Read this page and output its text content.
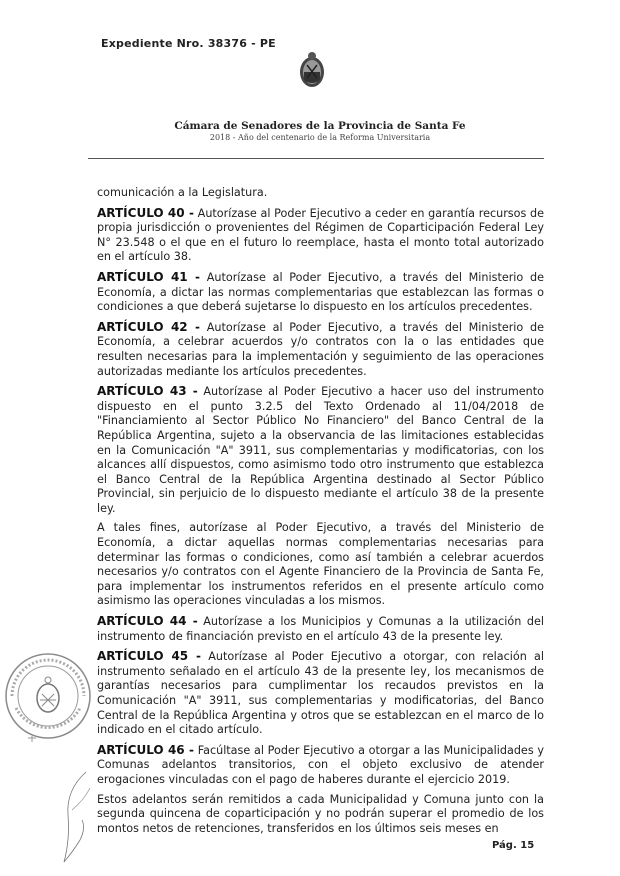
Expediente Nro. 38376 - PE
Cámara de Senadores de la Provincia de Santa Fe
2018 - Año del centenario de la Reforma Universitaria

comunicación a la Legislatura.

ARTÍCULO 40 - Autorízase al Poder Ejecutivo a ceder en garantía recursos de propia jurisdicción o provenientes del Régimen de Coparticipación Federal Ley N° 23.548 o el que en el futuro lo reemplace, hasta el monto total autorizado en el artículo 38.

ARTÍCULO 41 - Autorízase al Poder Ejecutivo, a través del Ministerio de Economía, a dictar las normas complementarias que establezcan las formas o condiciones a que deberá sujetarse lo dispuesto en los artículos precedentes.

ARTÍCULO 42 - Autorízase al Poder Ejecutivo, a través del Ministerio de Economía, a celebrar acuerdos y/o contratos con la o las entidades que resulten necesarias para la implementación y seguimiento de las operaciones autorizadas mediante los artículos precedentes.

ARTÍCULO 43 - Autorízase al Poder Ejecutivo a hacer uso del instrumento dispuesto en el punto 3.2.5 del Texto Ordenado al 11/04/2018 de "Financiamiento al Sector Público No Financiero" del Banco Central de la República Argentina, sujeto a la observancia de las limitaciones establecidas en la Comunicación "A" 3911, sus complementarias y modificatorias, con los alcances allí dispuestos, como asimismo todo otro instrumento que establezca el Banco Central de la República Argentina destinado al Sector Público Provincial, sin perjuicio de lo dispuesto mediante el artículo 38 de la presente ley.

A tales fines, autorízase al Poder Ejecutivo, a través del Ministerio de Economía, a dictar aquellas normas complementarias necesarias para determinar las formas o condiciones, como así también a celebrar acuerdos necesarios y/o contratos con el Agente Financiero de la Provincia de Santa Fe, para implementar los instrumentos referidos en el presente artículo como asimismo las operaciones vinculadas a los mismos.

ARTÍCULO 44 - Autorízase a los Municipios y Comunas a la utilización del instrumento de financiación previsto en el artículo 43 de la presente ley.

ARTÍCULO 45 - Autorízase al Poder Ejecutivo a otorgar, con relación al instrumento señalado en el artículo 43 de la presente ley, los mecanismos de garantías necesarios para cumplimentar los recaudos previstos en la Comunicación "A" 3911, sus complementarias y modificatorias, del Banco Central de la República Argentina y otros que se establezcan en el marco de lo indicado en el citado artículo.

ARTÍCULO 46 - Facúltase al Poder Ejecutivo a otorgar a las Municipalidades y Comunas adelantos transitorios, con el objeto exclusivo de atender erogaciones vinculadas con el pago de haberes durante el ejercicio 2019.

Estos adelantos serán remitidos a cada Municipalidad y Comuna junto con la segunda quincena de coparticipación y no podrán superar el promedio de los montos netos de retenciones, transferidos en los últimos seis meses en

Pág. 15
